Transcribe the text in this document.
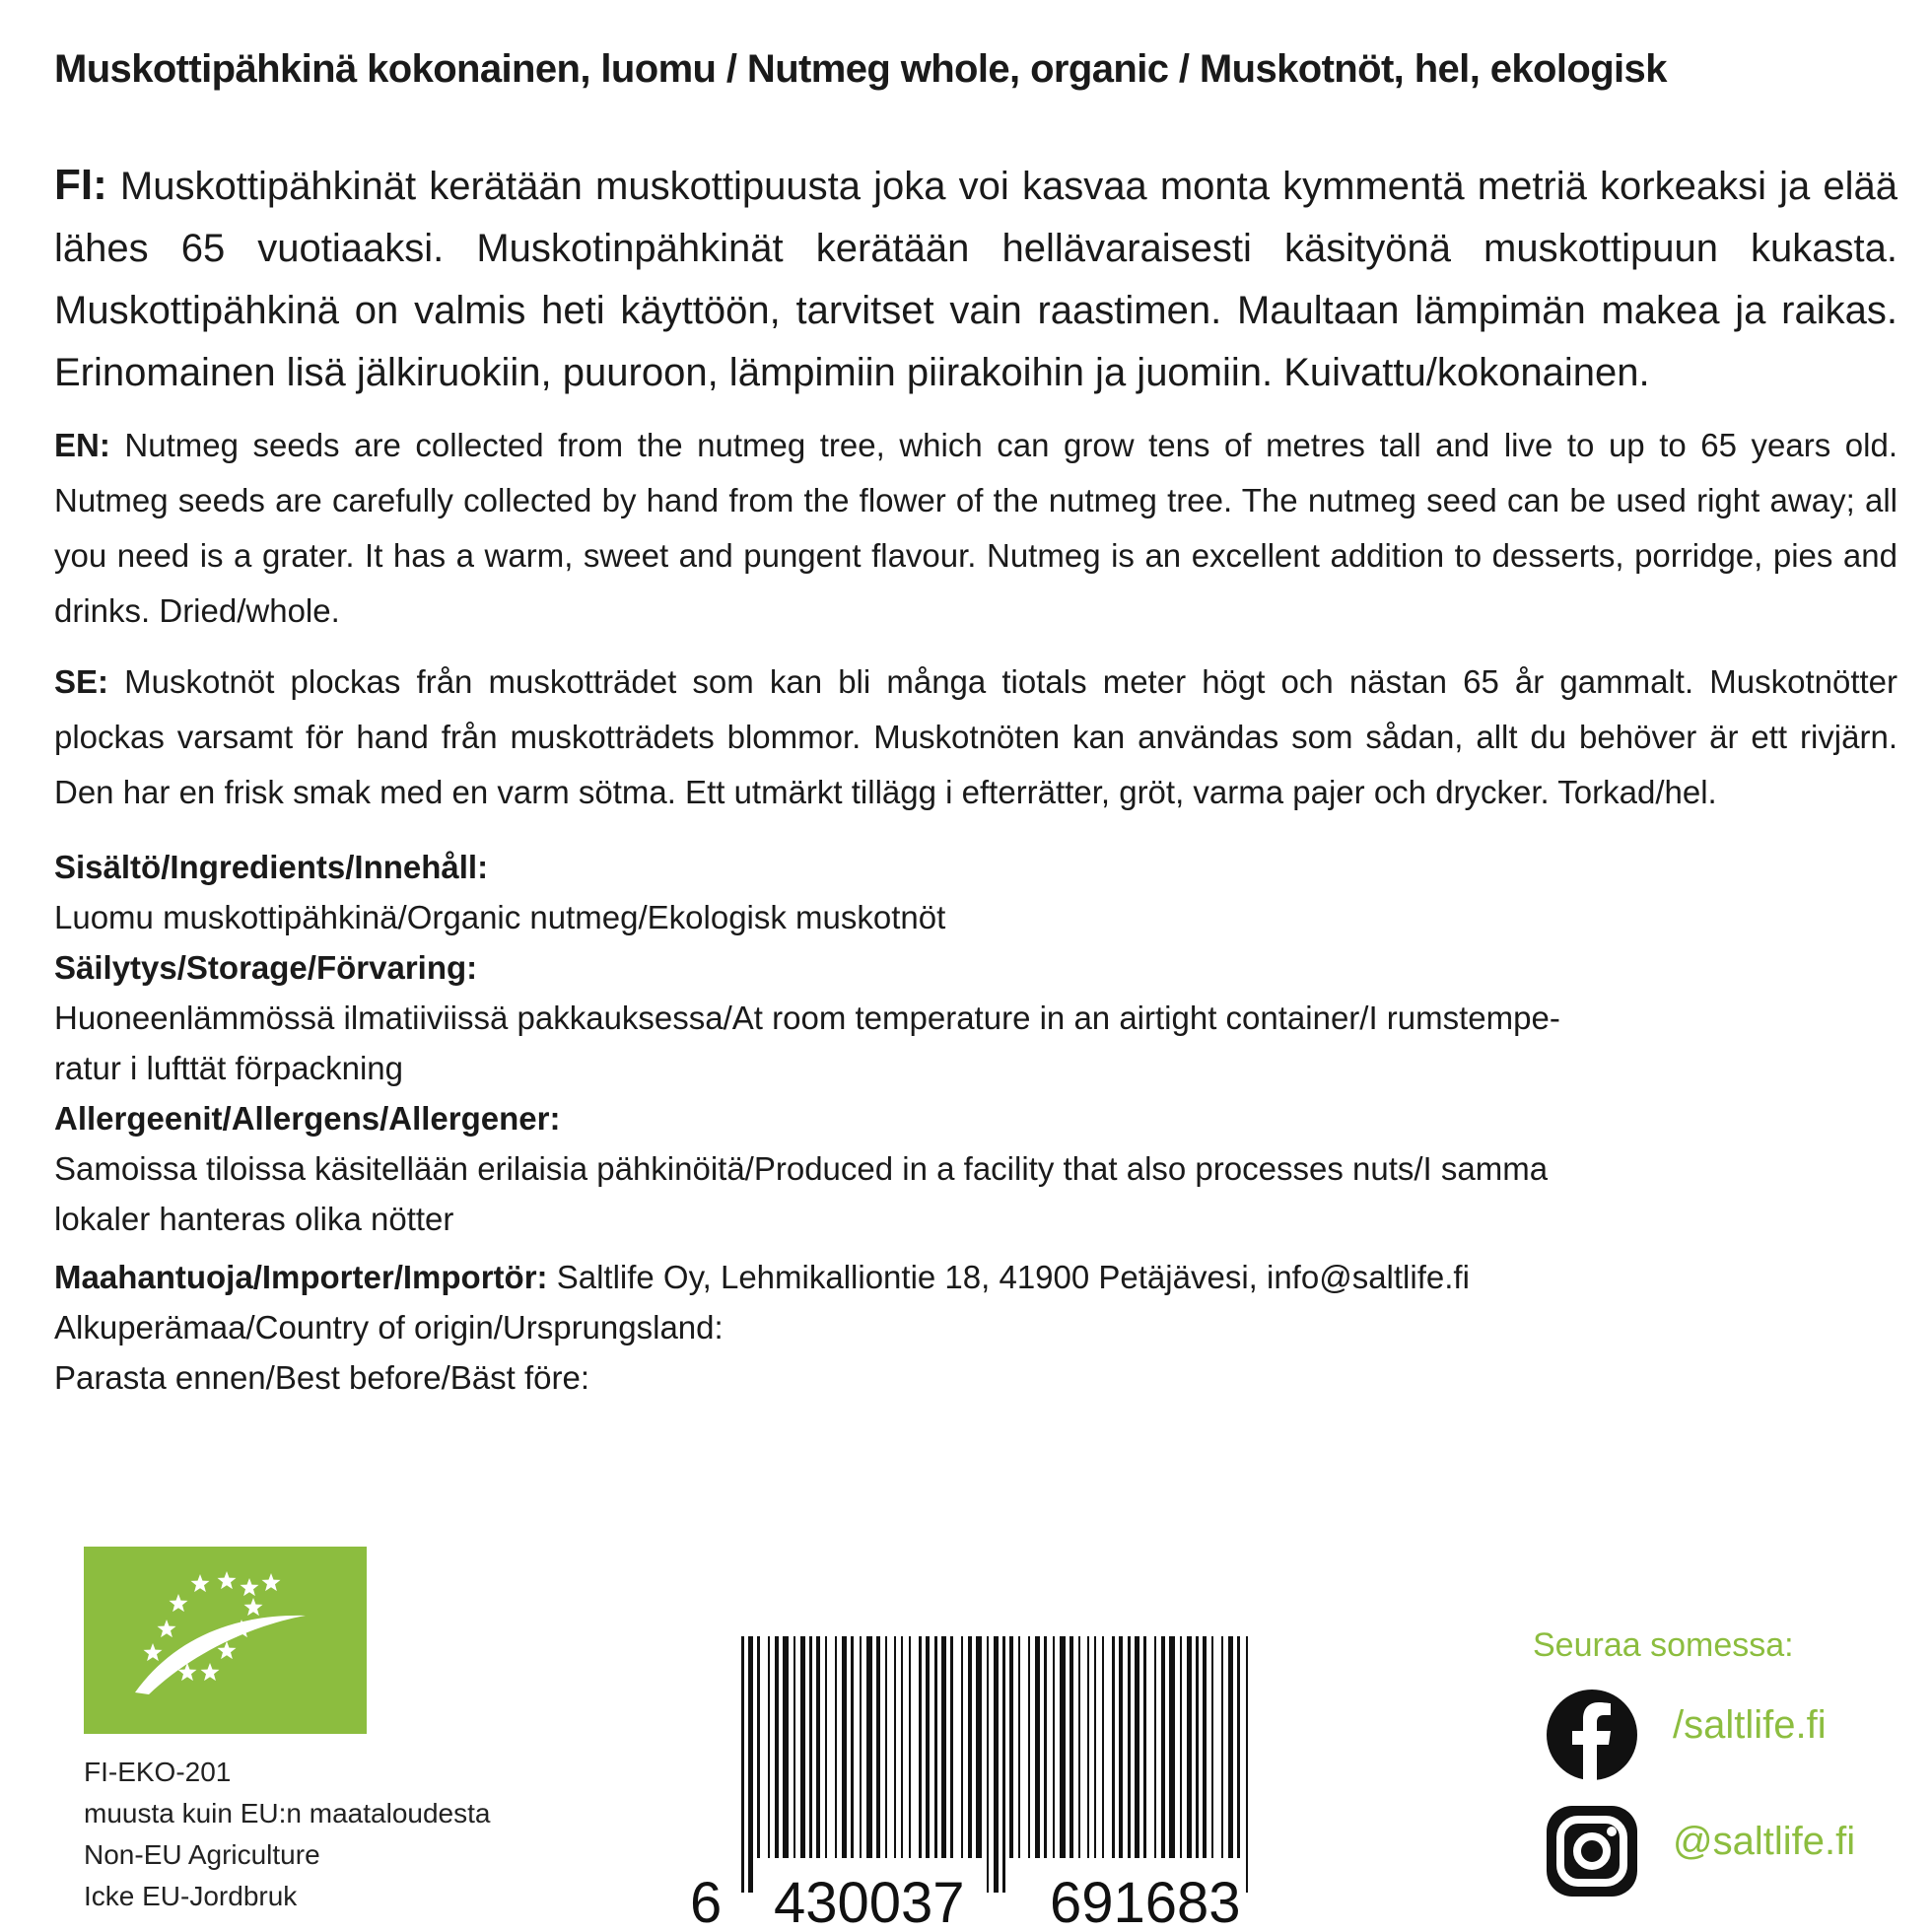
Muskottipähkinä kokonainen, luomu / Nutmeg whole, organic / Muskotnöt, hel, ekologisk

FI: Muskottipähkinät kerätään muskottipuusta joka voi kasvaa monta kymmentä metriä korkeaksi ja elää lähes 65 vuotiaaksi. Muskotinpähkinät kerätään hellävaraisesti käsityönä muskottipuun kukasta. Muskottipähkinä on valmis heti käyttöön, tarvitset vain raastimen. Maultaan lämpimän makea ja raikas. Erinomainen lisä jälkiruokiin, puuroon, lämpimiin piirakoihin ja juomiin. Kuivattu/kokonainen.

EN: Nutmeg seeds are collected from the nutmeg tree, which can grow tens of metres tall and live to up to 65 years old. Nutmeg seeds are carefully collected by hand from the flower of the nutmeg tree. The nutmeg seed can be used right away; all you need is a grater. It has a warm, sweet and pungent flavour. Nutmeg is an excellent addition to desserts, porridge, pies and drinks. Dried/whole.

SE: Muskotnöt plockas från muskotträdet som kan bli många tiotals meter högt och nästan 65 år gammalt. Muskotnötter plockas varsamt för hand från muskotträdets blommor. Muskotnöten kan användas som sådan, allt du behöver är ett rivjärn. Den har en frisk smak med en varm sötma. Ett utmärkt tillägg i efterrätter, gröt, varma pajer och drycker. Torkad/hel.

Sisältö/Ingredients/Innehåll:
Luomu muskottipähkinä/Organic nutmeg/Ekologisk muskotnöt
Säilytys/Storage/Förvaring:
Huoneenlämmössä ilmatiiviissä pakkauksessa/At room temperature in an airtight container/I rumstempe-
ratur i lufttät förpackning
Allergeenit/Allergens/Allergener:
Samoissa tiloissa käsitellään erilaisia pähkinöitä/Produced in a facility that also processes nuts/I samma
lokaler hanteras olika nötter
Maahantuoja/Importer/Importör: Saltlife Oy, Lehmikalliontie 18, 41900 Petäjävesi, info@saltlife.fi
Alkuperämaa/Country of origin/Ursprungsland:
Parasta ennen/Best before/Bäst före:
FI-EKO-201
muusta kuin EU:n maataloudesta
Non-EU Agriculture
Icke EU-Jordbruk	6 430037 691683
Seuraa somessa:
/saltlife.fi
@saltlife.fi
